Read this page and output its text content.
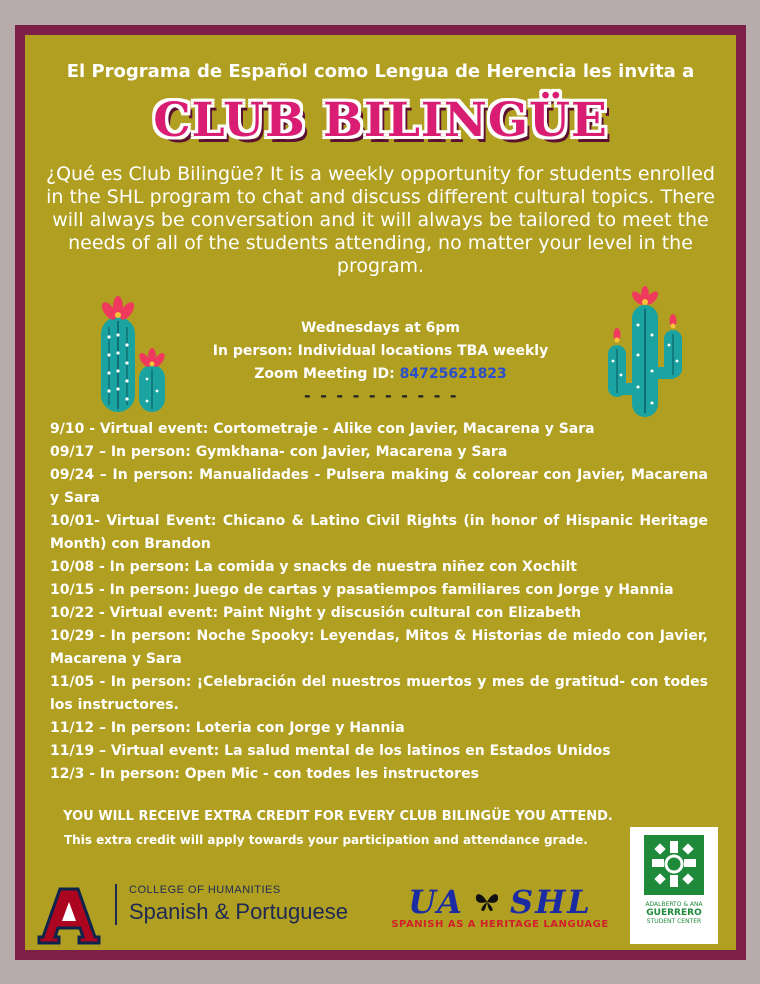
El Programa de Español como Lengua de Herencia les invita a
CLUB BILINGÜE

¿Qué es Club Bilingüe? It is a weekly opportunity for students enrolled in the SHL program to chat and discuss different cultural topics. There will always be conversation and it will always be tailored to meet the needs of all of the students attending, no matter your level in the program.

Wednesdays at 6pm
In person: Individual locations TBA weekly
Zoom Meeting ID: 84725621823
- - - - - - - - - -
9/10 - Virtual event: Cortometraje - Alike con Javier, Macarena y Sara
09/17 – In person: Gymkhana- con Javier, Macarena y Sara
09/24 – In person: Manualidades - Pulsera making & colorear con Javier, Macarena y Sara
10/01- Virtual Event: Chicano & Latino Civil Rights (in honor of Hispanic Heritage Month) con Brandon
10/08 - In person: La comida y snacks de nuestra niñez con Xochilt
10/15 - In person: Juego de cartas y pasatiempos familiares con Jorge y Hannia
10/22 - Virtual event: Paint Night y discusión cultural con Elizabeth
10/29 - In person: Noche Spooky: Leyendas, Mitos & Historias de miedo con Javier, Macarena y Sara
11/05 - In person: ¡Celebración del nuestros muertos y mes de gratitud- con todes los instructores.
11/12 – In person: Loteria con Jorge y Hannia
11/19 – Virtual event: La salud mental de los latinos en Estados Unidos
12/3 - In person: Open Mic - con todes les instructores
YOU WILL RECEIVE EXTRA CREDIT FOR EVERY CLUB BILINGÜE YOU ATTEND.
This extra credit will apply towards your participation and attendance grade.
A
COLLEGE OF HUMANITIES
Spanish & Portuguese UA SHL
SPANISH AS A HERITAGE LANGUAGE
ADALBERTO & ANA
GUERRERO
STUDENT CENTER
